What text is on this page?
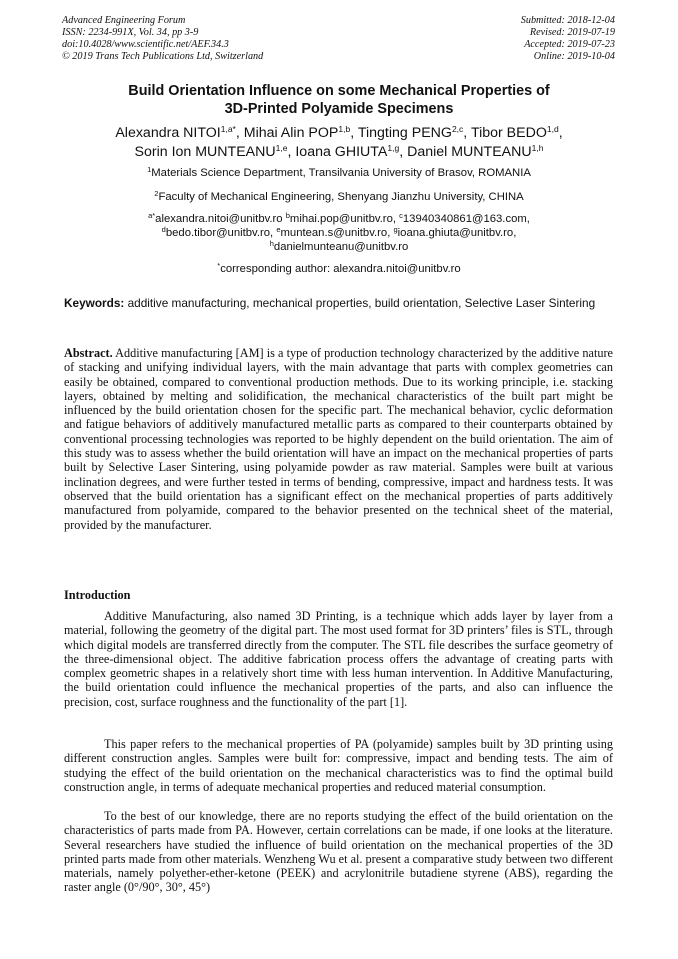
Advanced Engineering Forum
ISSN: 2234-991X, Vol. 34, pp 3-9
doi:10.4028/www.scientific.net/AEF.34.3
© 2019 Trans Tech Publications Ltd, Switzerland
Submitted: 2018-12-04
Revised: 2019-07-19
Accepted: 2019-07-23
Online: 2019-10-04
Build Orientation Influence on some Mechanical Properties of
3D-Printed Polyamide Specimens
Alexandra $NITOI^{1,a*}$, Mihai Alin POP$^{1,b}$, Tingting PENG$^{2,c}$, Tibor BEDO$^{1,d}$,
Sorin Ion MUNTEANU$^{1,e}$, Ioana GHIUTA$^{1,g}$, Daniel MUNTEANU$^{1,h}$
$^1$Materials Science Department, Transilvania University of Brasov, ROMANIA
$^2$Faculty of Mechanical Engineering, Shenyang Jianzhu University, CHINA
$^{a*}$alexandra.nitoi@unitbv.ro $^b$mihai.pop@unitbv.ro, $^c$13940340861@163.com,
$^d$bedo.tibor@unitbv.ro, $^e$muntean.s@unitbv.ro, $^g$ioana.ghiuta@unitbv.ro,
$^h$danielmunteanu@unitbv.ro
*corresponding author: alexandra.nitoi@unitbv.ro
Keywords: additive manufacturing, mechanical properties, build orientation, Selective Laser Sintering
Abstract. Additive manufacturing [AM] is a type of production technology characterized by the additive nature of stacking and unifying individual layers, with the main advantage that parts with complex geometries can easily be obtained, compared to conventional production methods. Due to its working principle, i.e. stacking layers, obtained by melting and solidification, the mechanical characteristics of the built part might be influenced by the build orientation chosen for the specific part. The mechanical behavior, cyclic deformation and fatigue behaviors of additively manufactured metallic parts as compared to their counterparts obtained by conventional processing technologies was reported to be highly dependent on the build orientation. The aim of this study was to assess whether the build orientation will have an impact on the mechanical properties of parts built by Selective Laser Sintering, using polyamide powder as raw material. Samples were built at various inclination degrees, and were further tested in terms of bending, compressive, impact and hardness tests. It was observed that the build orientation has a significant effect on the mechanical properties of parts additively manufactured from polyamide, compared to the behavior presented on the technical sheet of the material, provided by the manufacturer.
Introduction
Additive Manufacturing, also named 3D Printing, is a technique which adds layer by layer from a material, following the geometry of the digital part. The most used format for 3D printers’ files is STL, through which digital models are transferred directly from the computer. The STL file describes the surface geometry of the three-dimensional object. The additive fabrication process offers the advantage of creating parts with complex geometric shapes in a relatively short time with less human intervention. In Additive Manufacturing, the build orientation could influence the mechanical properties of the parts, and also can influence the precision, cost, surface roughness and the functionality of the part [1].
This paper refers to the mechanical properties of PA (polyamide) samples built by 3D printing using different construction angles. Samples were built for: compressive, impact and bending tests. The aim of studying the effect of the build orientation on the mechanical characteristics was to find the optimal build construction angle, in terms of adequate mechanical properties and reduced material consumption.
To the best of our knowledge, there are no reports studying the effect of the build orientation on the characteristics of parts made from PA. However, certain correlations can be made, if one looks at the literature. Several researchers have studied the influence of build orientation on the mechanical properties of the 3D printed parts made from other materials. Wenzheng Wu et al. present a comparative study between two different materials, namely polyether-ether-ketone (PEEK) and acrylonitrile butadiene styrene (ABS), regarding the raster angle (0°/90°, 30°, 45°)
